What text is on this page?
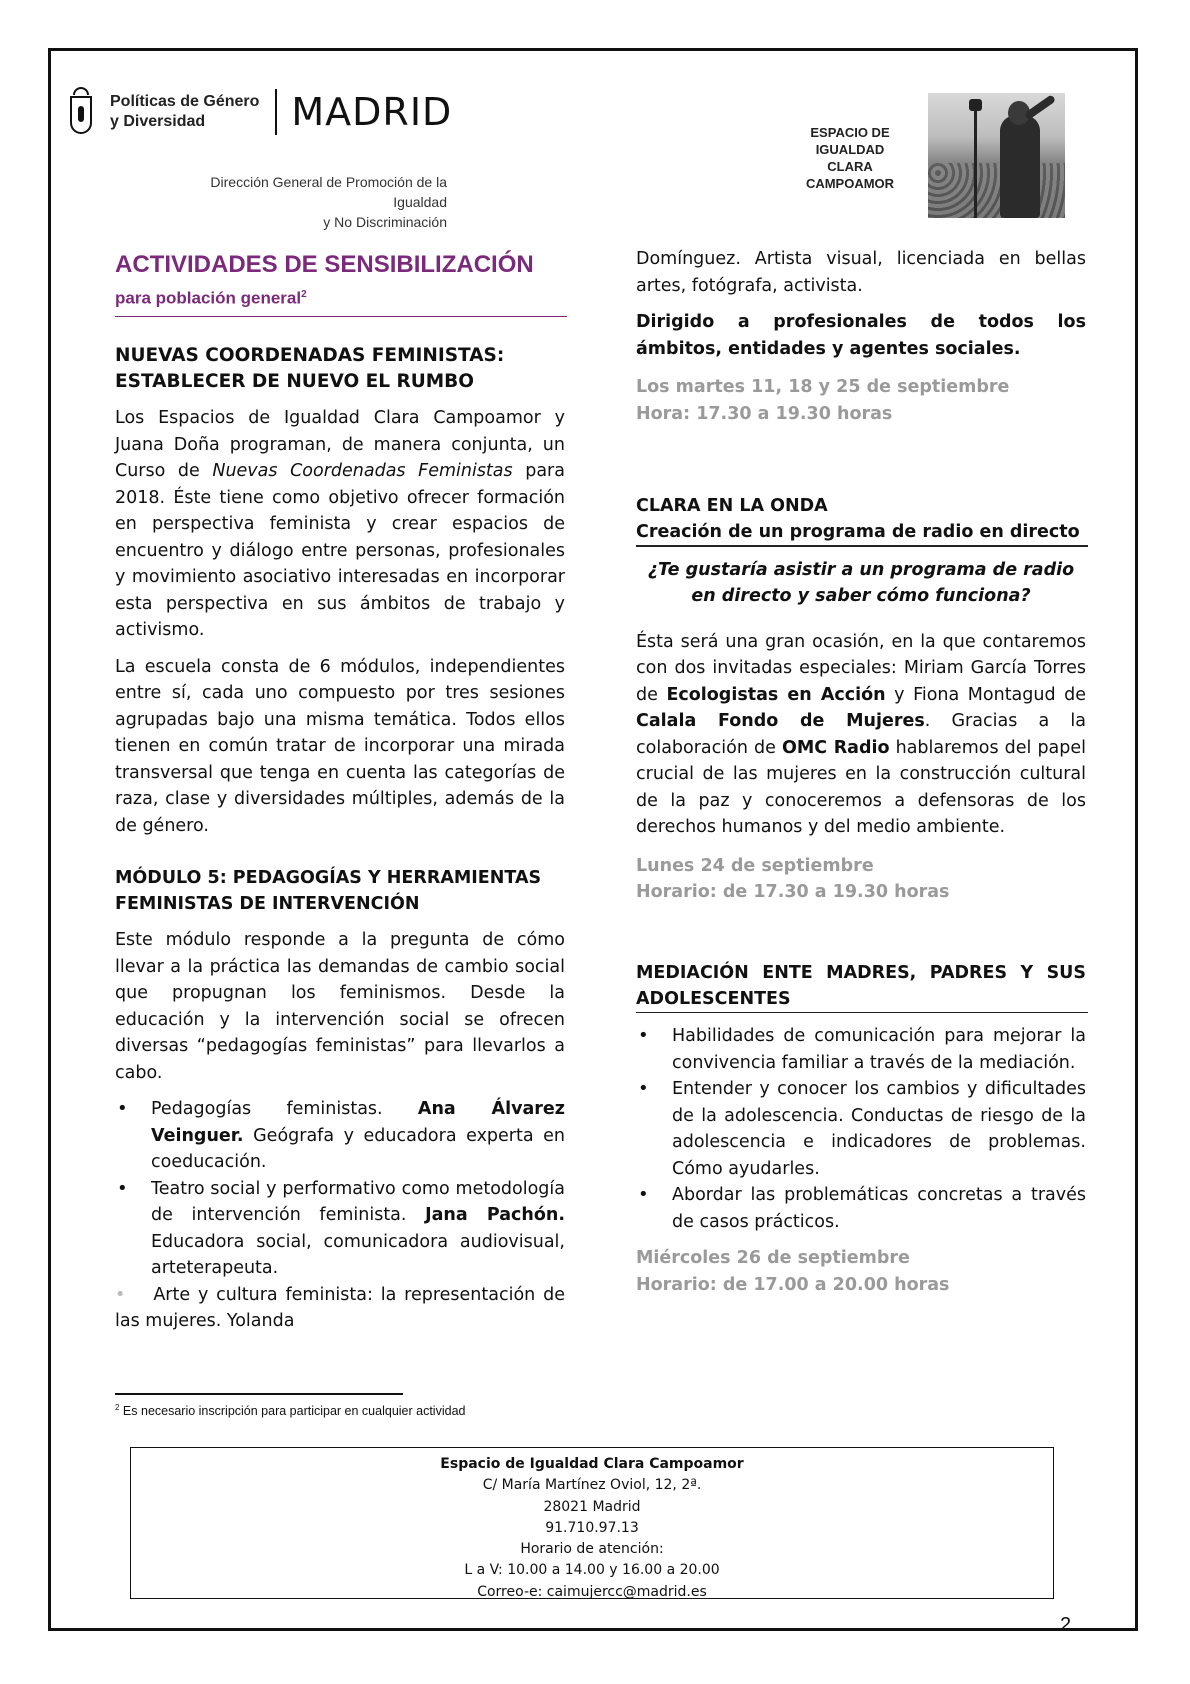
Políticas de Género
y Diversidad	MADRID
Dirección General de Promoción de la Igualdad
y No Discriminación
ESPACIO DE
IGUALDAD
CLARA
CAMPOAMOR
ACTIVIDADES DE SENSIBILIZACIÓN
para población general$^2$
NUEVAS COORDENADAS FEMINISTAS:
ESTABLECER DE NUEVO EL RUMBO

Los Espacios de Igualdad Clara Campoamor y Juana Doña programan, de manera conjunta, un Curso de Nuevas Coordenadas Feministas para 2018. Éste tiene como objetivo ofrecer formación en perspectiva feminista y crear espacios de encuentro y diálogo entre personas, profesionales y movimiento asociativo interesadas en incorporar esta perspectiva en sus ámbitos de trabajo y activismo.

La escuela consta de 6 módulos, independientes entre sí, cada uno compuesto por tres sesiones agrupadas bajo una misma temática. Todos ellos tienen en común tratar de incorporar una mirada transversal que tenga en cuenta las categorías de raza, clase y diversidades múltiples, además de la de género.

MÓDULO 5: PEDAGOGÍAS Y HERRAMIENTAS
FEMINISTAS DE INTERVENCIÓN

Este módulo responde a la pregunta de cómo llevar a la práctica las demandas de cambio social que propugnan los feminismos. Desde la educación y la intervención social se ofrecen diversas “pedagogías feministas” para llevarlos a cabo.

• Pedagogías feministas. Ana Álvarez Veinguer. Geógrafa y educadora experta en coeducación.
• Teatro social y performativo como metodología de intervención feminista. Jana Pachón. Educadora social, comunicadora audiovisual, arteterapeuta.

• Arte y cultura feminista: la representación de las mujeres. Yolanda

Domínguez. Artista visual, licenciada en bellas artes, fotógrafa, activista.

Dirigido a profesionales de todos los ámbitos, entidades y agentes sociales.

Los martes 11, 18 y 25 de septiembre
Hora: 17.30 a 19.30 horas
CLARA EN LA ONDA
Creación de un programa de radio en directo

¿Te gustaría asistir a un programa de radio en directo y saber cómo funciona?

Ésta será una gran ocasión, en la que contaremos con dos invitadas especiales: Miriam García Torres de Ecologistas en Acción y Fiona Montagud de Calala Fondo de Mujeres. Gracias a la colaboración de OMC Radio hablaremos del papel crucial de las mujeres en la construcción cultural de la paz y conoceremos a defensoras de los derechos humanos y del medio ambiente.

Lunes 24 de septiembre
Horario: de 17.30 a 19.30 horas
MEDIACIÓN ENTE MADRES, PADRES Y SUS ADOLESCENTES
• Habilidades de comunicación para mejorar la convivencia familiar a través de la mediación.
• Entender y conocer los cambios y dificultades de la adolescencia. Conductas de riesgo de la adolescencia e indicadores de problemas. Cómo ayudarles.
• Abordar las problemáticas concretas a través de casos prácticos.
Miércoles 26 de septiembre
Horario: de 17.00 a 20.00 horas
$^2$ Es necesario inscripción para participar en cualquier actividad
Espacio de Igualdad Clara Campoamor
C/ María Martínez Oviol, 12, 2ª.
28021 Madrid
91.710.97.13
Horario de atención:
L a V: 10.00 a 14.00 y 16.00 a 20.00
Correo-e: caimujercc@madrid.es
2
